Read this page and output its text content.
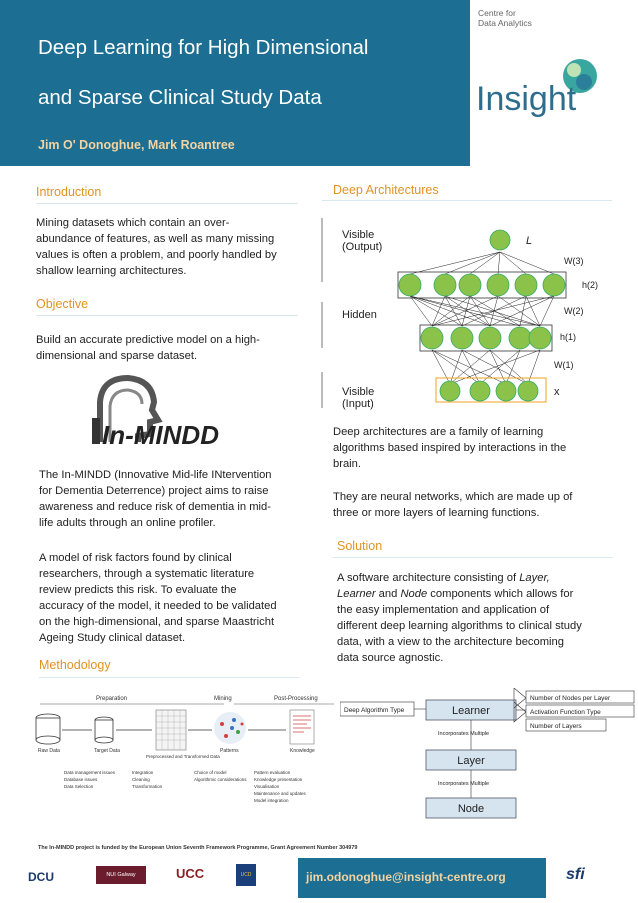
Centre for
Data Analytics
Insight
Deep Learning for High Dimensional
and Sparse Clinical Study Data
Jim O' Donoghue, Mark Roantree
Introduction
Mining datasets which contain an over-
abundance of features, as well as many missing
values is often a problem, and poorly handled by
shallow learning architectures.
Objective
Build an accurate predictive model on a high-
dimensional and sparse dataset.
In-MINDD
The In-MINDD (Innovative Mid-life INtervention
for Dementia Deterrence) project aims to raise
awareness and reduce risk of dementia in mid-
life adults through an online profiler.
A model of risk factors found by clinical
researchers, through a systematic literature
review predicts this risk. To evaluate the
accuracy of the model, it needed to be validated
on the high-dimensional, and sparse Maastricht
Ageing Study clinical dataset.
Methodology
Preparation	Mining	Post-Processing
Raw Data	Target Data
Preprocessed and Transformed Data
Patterns	Knowledge
Data management issues
Database issues
Data Selection
Integration
Cleaning
Transformation
Choice of model
Algorithmic considerations
Pattern evaluation
Knowledge presentation
Visualisation
Maintenance and updates
Model integration
Deep Architectures
Visible
(Output)
Hidden
Visible
(Input)
L
W(3)
h(2)
W(2)
h(1)
W(1)
x
Deep architectures are a family of learning
algorithms based inspired by interactions in the
brain.
They are neural networks, which are made up of
three or more layers of learning functions.
Solution
A software architecture consisting of Layer,
Learner and Node components which allows for
the easy implementation and application of
different deep learning algorithms to clinical study
data, with a view to the architecture becoming
data source agnostic.
Deep Algorithm Type	Learner
Number of Nodes per Layer
Activation Function Type
Number of Layers
Incorporates Multiple
Layer
Incorporates Multiple
Node
The In-MINDD project is funded by the European Union Seventh Framework Programme, Grant Agreement Number 304979
jim.odonoghue@insight-centre.org
DCU	NUI Galway	UCC	UCD	sfi
